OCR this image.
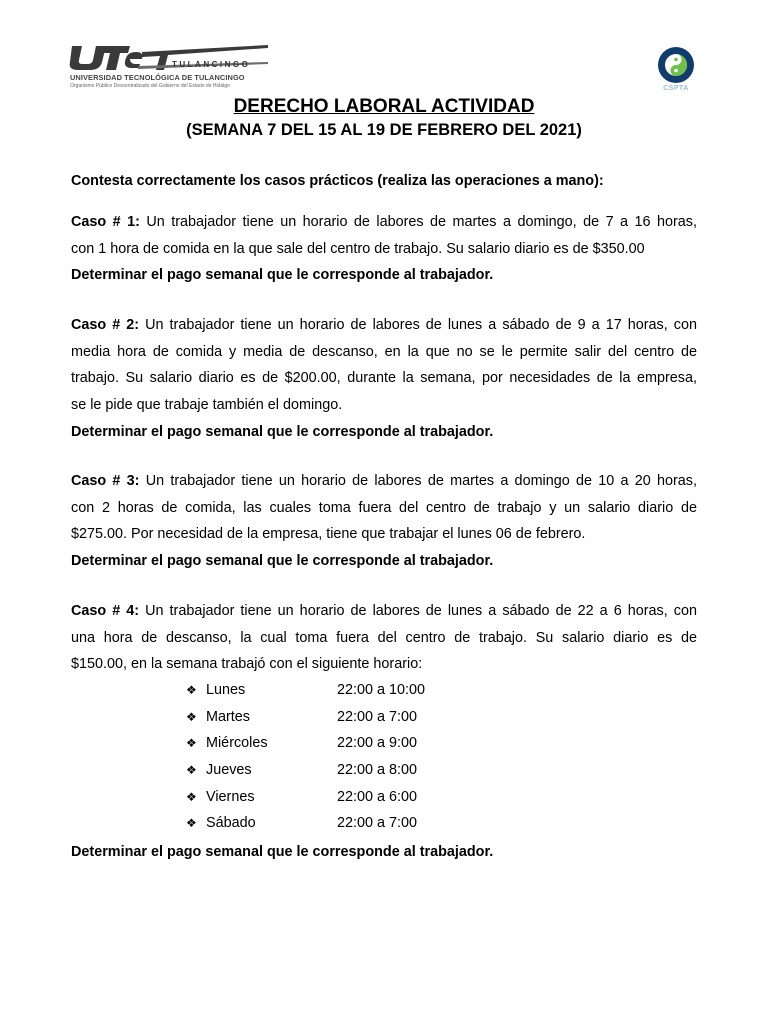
TULANCINGO
UNIVERSIDAD TECNOLÓGICA DE TULANCINGO
Organismo Público Descentralizado del Gobierno del Estado de Hidalgo	CSPTA
DERECHO LABORAL ACTIVIDAD
(SEMANA 7 DEL 15 AL 19 DE FEBRERO DEL 2021)
Contesta correctamente los casos prácticos (realiza las operaciones a mano):
Caso # 1: Un trabajador tiene un horario de labores de martes a domingo, de 7 a 16 horas,
con 1 hora de comida en la que sale del centro de trabajo. Su salario diario es de $350.00
Determinar el pago semanal que le corresponde al trabajador.
Caso # 2: Un trabajador tiene un horario de labores de lunes a sábado de 9 a 17 horas, con
media hora de comida y media de descanso, en la que no se le permite salir del centro de
trabajo. Su salario diario es de $200.00, durante la semana, por necesidades de la empresa,
se le pide que trabaje también el domingo.
Determinar el pago semanal que le corresponde al trabajador.
Caso # 3: Un trabajador tiene un horario de labores de martes a domingo de 10 a 20 horas,
con 2 horas de comida, las cuales toma fuera del centro de trabajo y un salario diario de
$275.00. Por necesidad de la empresa, tiene que trabajar el lunes 06 de febrero.
Determinar el pago semanal que le corresponde al trabajador.
Caso # 4: Un trabajador tiene un horario de labores de lunes a sábado de 22 a 6 horas, con
una hora de descanso, la cual toma fuera del centro de trabajo. Su salario diario es de
$150.00, en la semana trabajó con el siguiente horario:
❖ Lunes	22:00 a 10:00
❖ Martes	22:00 a 7:00
❖ Miércoles	22:00 a 9:00
❖ Jueves	22:00 a 8:00
❖ Viernes	22:00 a 6:00
❖ Sábado	22:00 a 7:00
Determinar el pago semanal que le corresponde al trabajador.
